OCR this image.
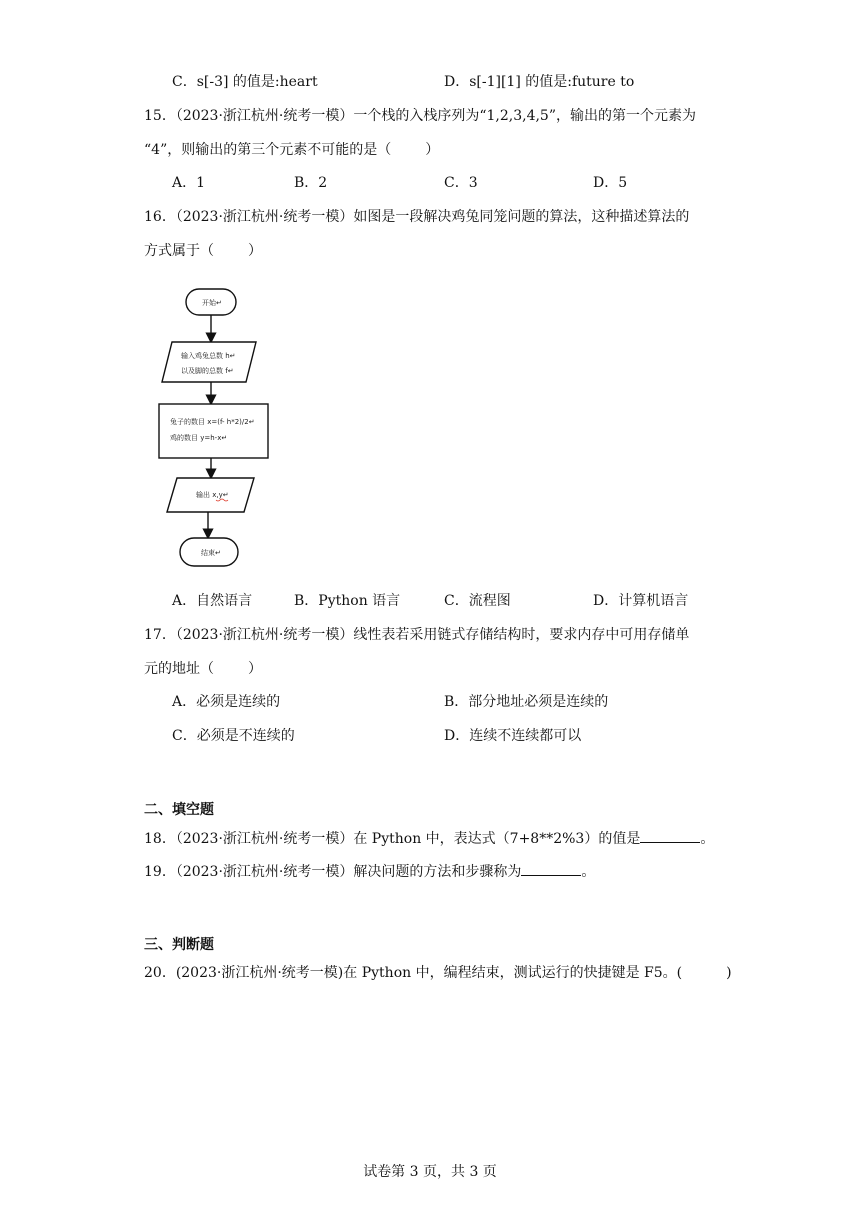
C．s[-3] 的值是:heart	D．s[-1][1] 的值是:future to
15．（2023·浙江杭州·统考一模）一个栈的入栈序列为“1,2,3,4,5”，输出的第一个元素为
“4”，则输出的第三个元素不可能的是（ ）
A．1	B．2	C．3	D．5
16．（2023·浙江杭州·统考一模）如图是一段解决鸡兔同笼问题的算法，这种描述算法的
方式属于（ ）
开始↵
输入鸡兔总数 h↵
以及脚的总数 f↵
兔子的数目 x=(f- h*2)/2↵
鸡的数目 y=h-x↵
输出 x,y↵
结束↵
A．自然语言	B．Python 语言	C．流程图	D．计算机语言
17．（2023·浙江杭州·统考一模）线性表若采用链式存储结构时，要求内存中可用存储单
元的地址（ ）
A．必须是连续的	B．部分地址必须是连续的
C．必须是不连续的	D．连续不连续都可以
二、填空题
18．（2023·浙江杭州·统考一模）在 Python 中，表达式（7+8**2%3）的值是	。
19．（2023·浙江杭州·统考一模）解决问题的方法和步骤称为	。
三、判断题
20．(2023·浙江杭州·统考一模)在 Python 中，编程结束，测试运行的快捷键是 F5。(	)
试卷第 3 页，共 3 页
